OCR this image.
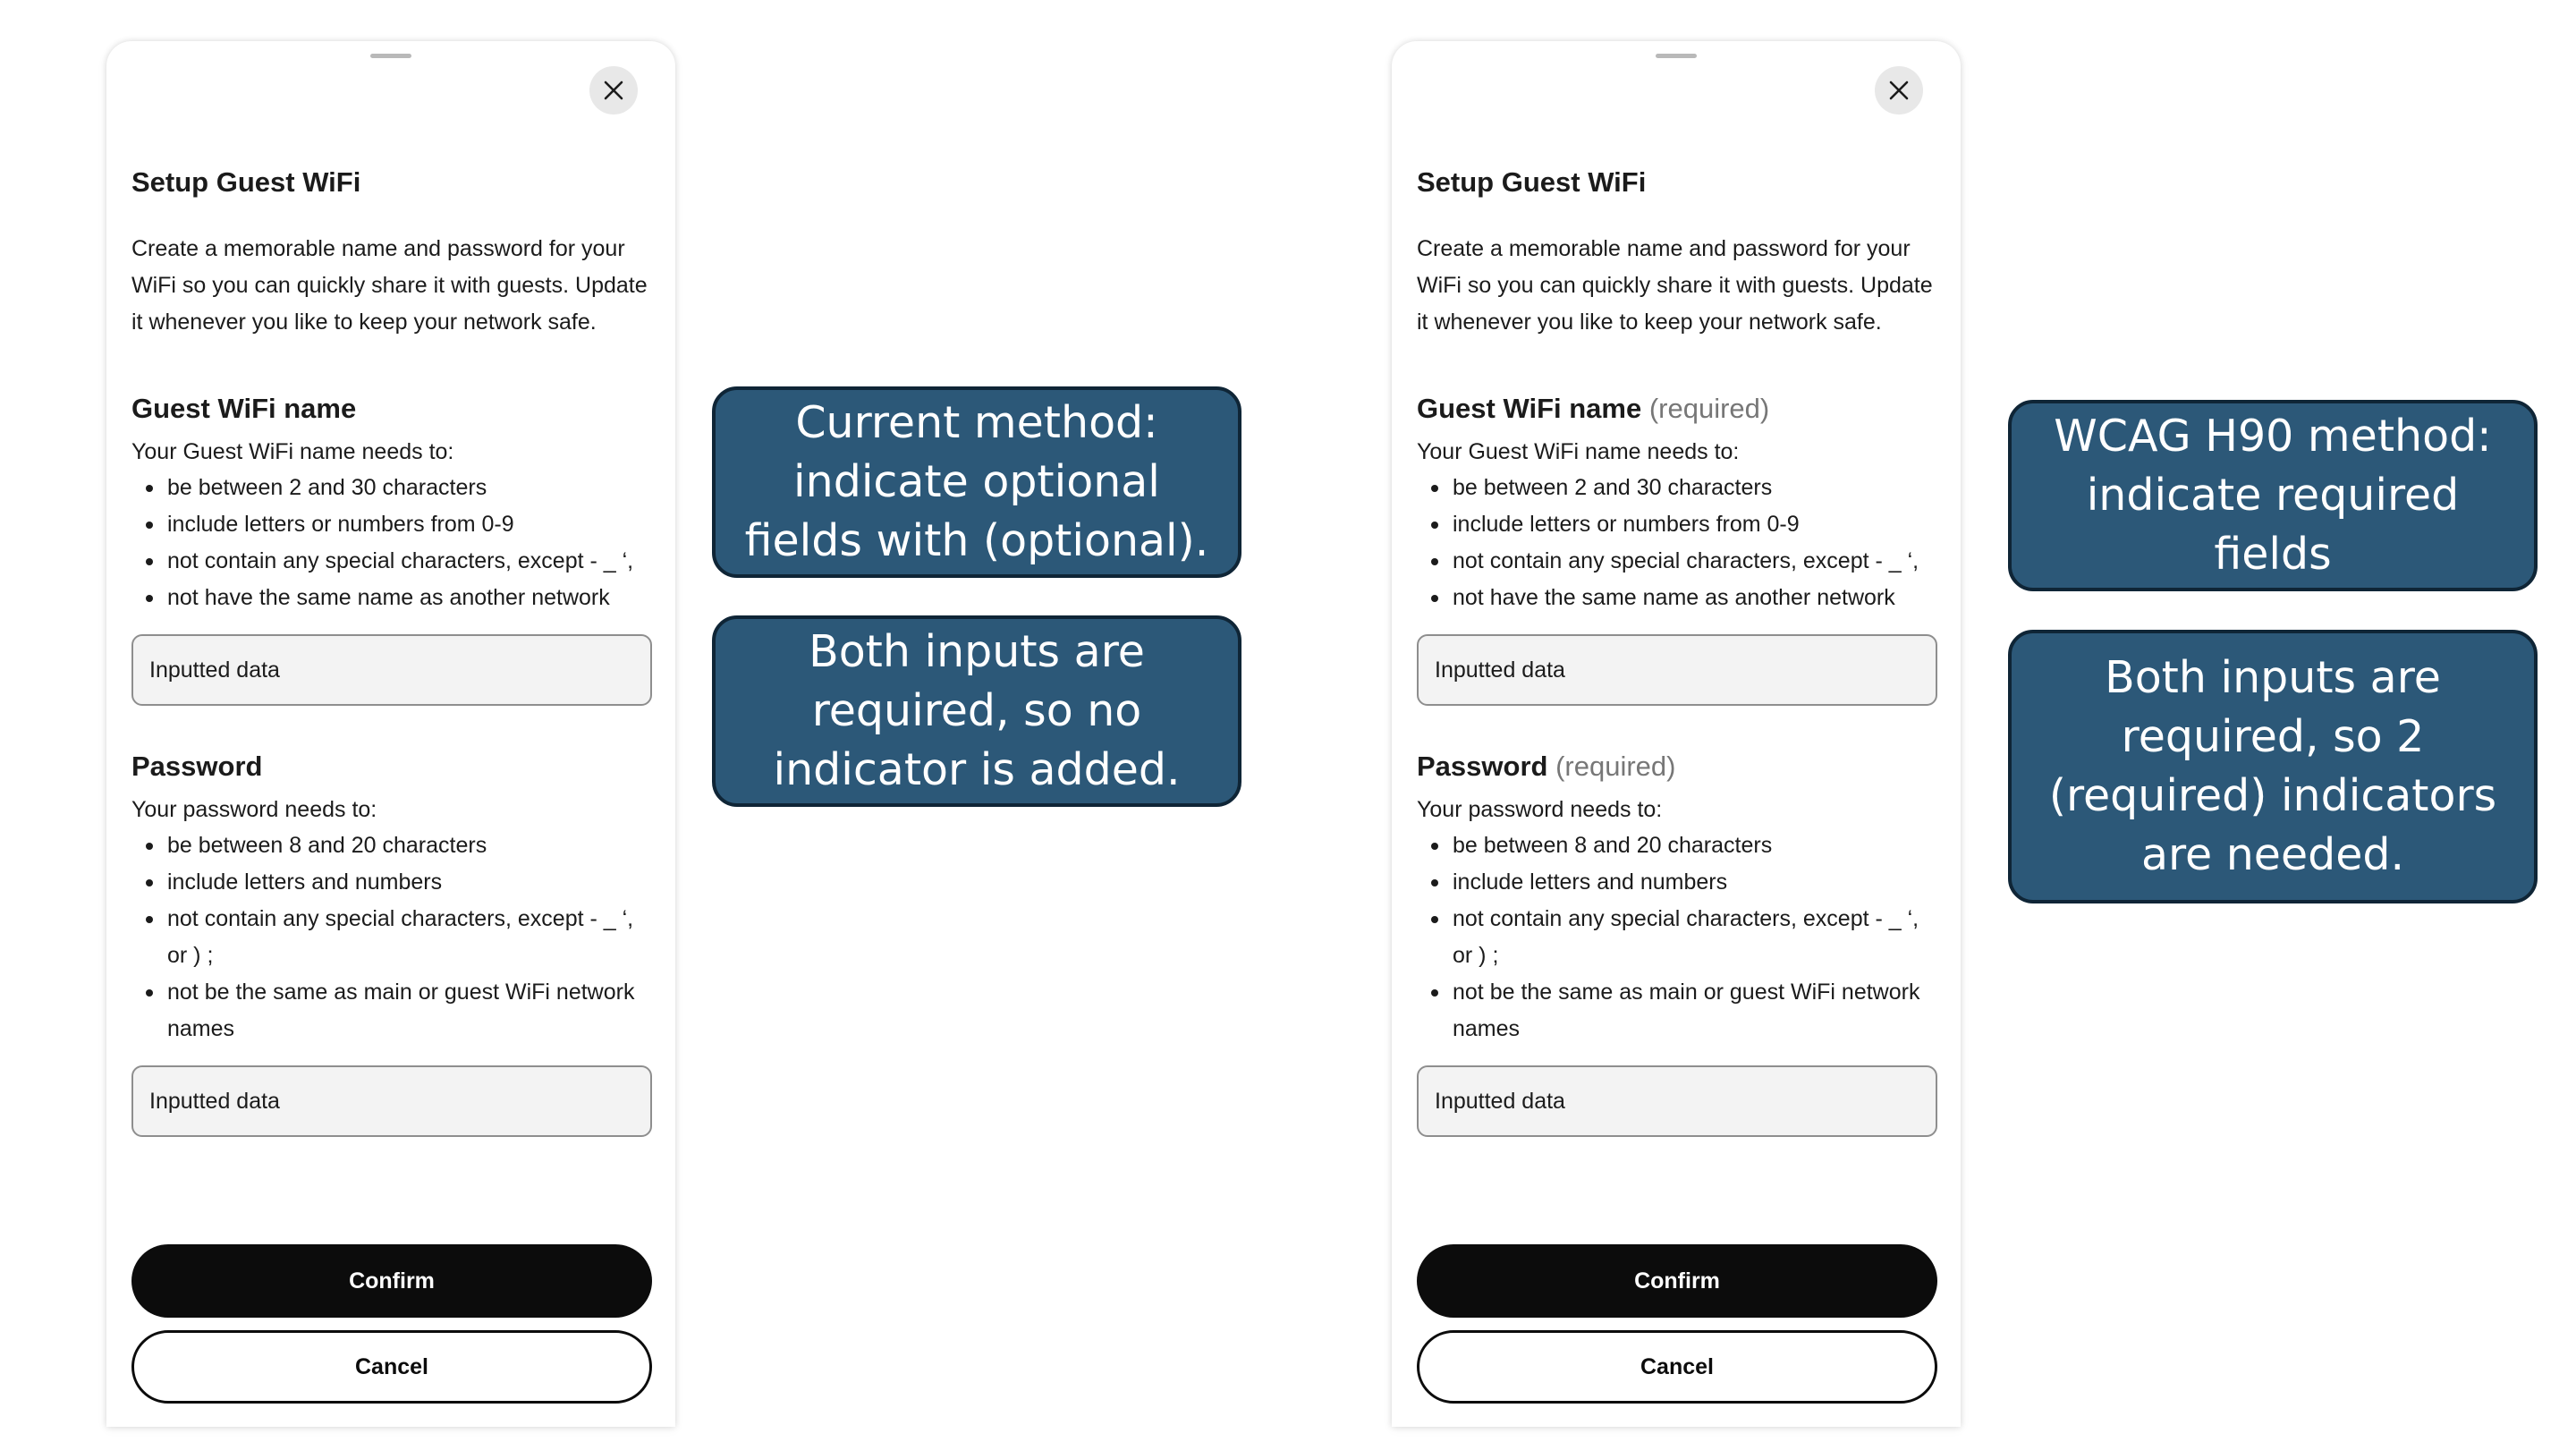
Setup Guest WiFi

Create a memorable name and password for your WiFi so you can quickly share it with guests. Update it whenever you like to keep your network safe.

Guest WiFi name

Your Guest WiFi name needs to:

be between 2 and 30 characters
include letters or numbers from 0-9
not contain any special characters, except - _ ‘,
not have the same name as another network
Inputted data

Password

Your password needs to:

be between 8 and 20 characters
include letters and numbers
not contain any special characters, except - _ ‘, or ) ;
not be the same as main or guest WiFi network names
Inputted data
Confirm
Cancel
Setup Guest WiFi

Create a memorable name and password for your WiFi so you can quickly share it with guests. Update it whenever you like to keep your network safe.

Guest WiFi name (required)

Your Guest WiFi name needs to:

be between 2 and 30 characters
include letters or numbers from 0-9
not contain any special characters, except - _ ‘,
not have the same name as another network
Inputted data

Password (required)

Your password needs to:

be between 8 and 20 characters
include letters and numbers
not contain any special characters, except - _ ‘, or ) ;
not be the same as main or guest WiFi network names
Inputted data
Confirm
Cancel
Current method:
indicate optional
fields with (optional).
Both inputs are
required, so no
indicator is added.
WCAG H90 method:
indicate required
fields
Both inputs are
required, so 2
(required) indicators
are needed.
